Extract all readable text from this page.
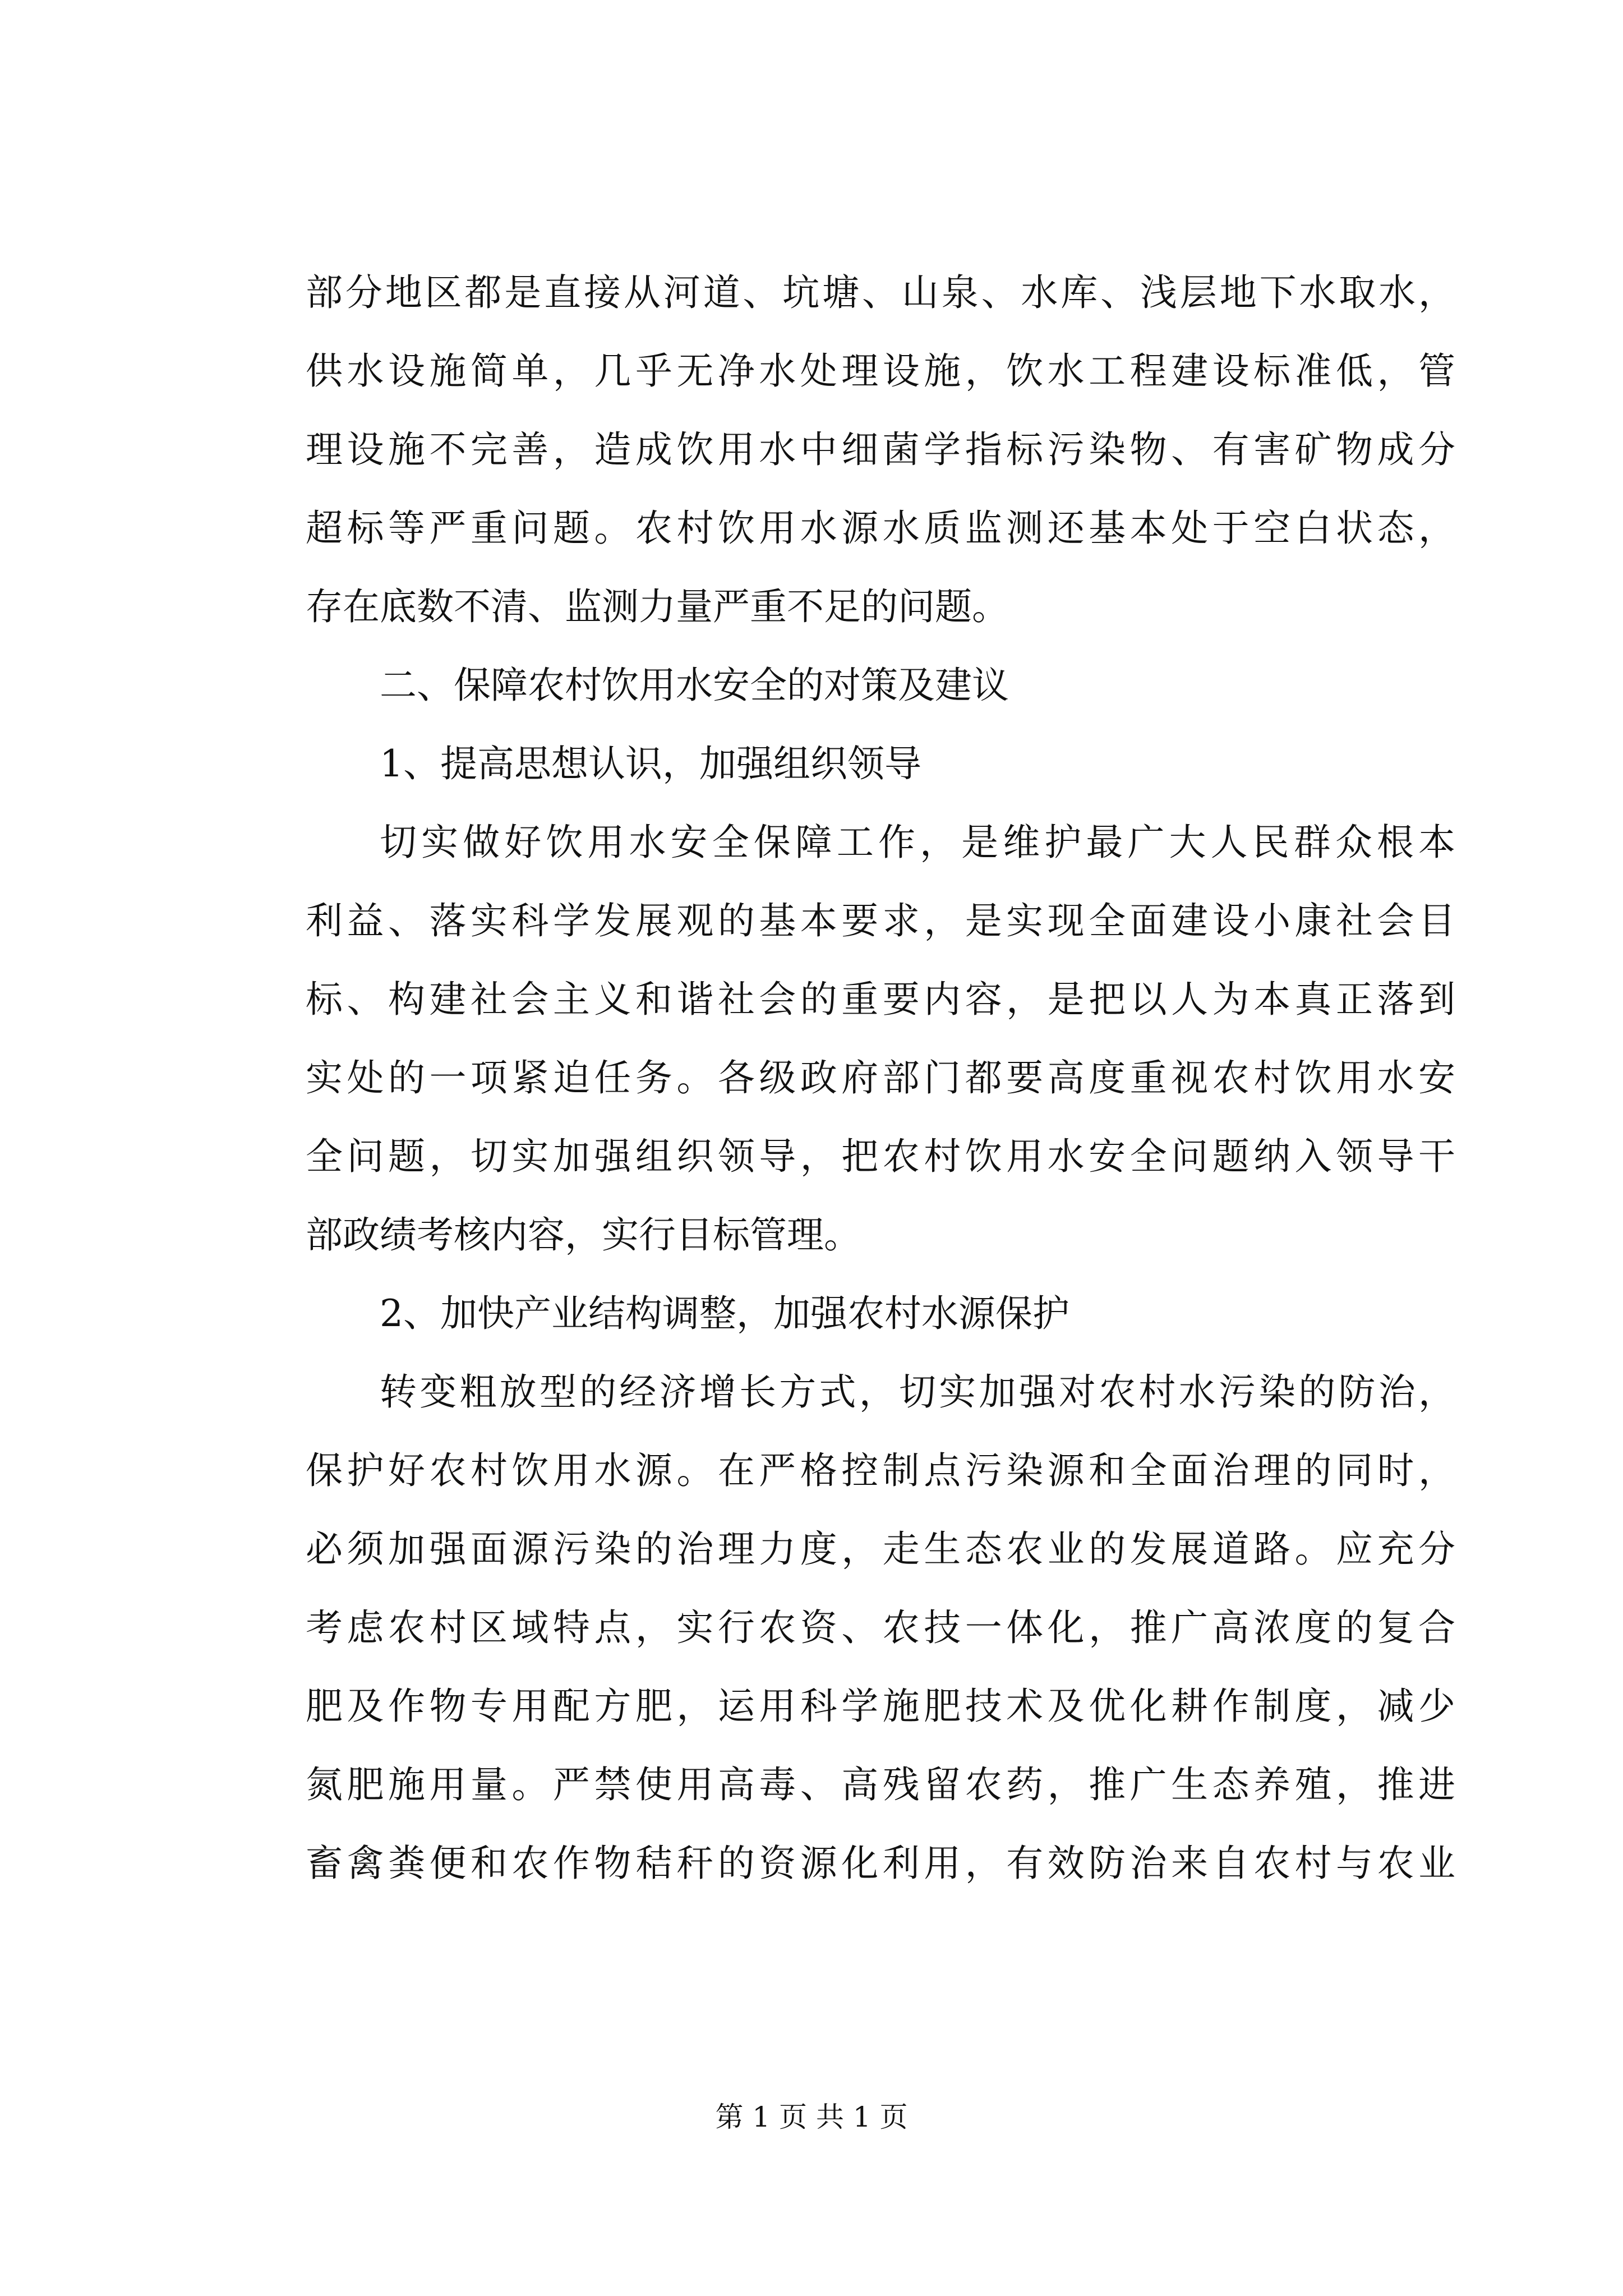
部分地区都是直接从河道、坑塘、山泉、水库、浅层地下水取水，
供水设施简单，几乎无净水处理设施，饮水工程建设标准低，管
理设施不完善，造成饮用水中细菌学指标污染物、有害矿物成分
超标等严重问题。农村饮用水源水质监测还基本处于空白状态，
存在底数不清、监测力量严重不足的问题。
二、保障农村饮用水安全的对策及建议
1、提高思想认识，加强组织领导
切实做好饮用水安全保障工作，是维护最广大人民群众根本
利益、落实科学发展观的基本要求，是实现全面建设小康社会目
标、构建社会主义和谐社会的重要内容，是把以人为本真正落到
实处的一项紧迫任务。各级政府部门都要高度重视农村饮用水安
全问题，切实加强组织领导，把农村饮用水安全问题纳入领导干
部政绩考核内容，实行目标管理。
2、加快产业结构调整，加强农村水源保护
转变粗放型的经济增长方式，切实加强对农村水污染的防治，
保护好农村饮用水源。在严格控制点污染源和全面治理的同时，
必须加强面源污染的治理力度，走生态农业的发展道路。应充分
考虑农村区域特点，实行农资、农技一体化，推广高浓度的复合
肥及作物专用配方肥，运用科学施肥技术及优化耕作制度，减少
氮肥施用量。严禁使用高毒、高残留农药，推广生态养殖，推进
畜禽粪便和农作物秸秆的资源化利用，有效防治来自农村与农业
第 1 页 共 1 页
